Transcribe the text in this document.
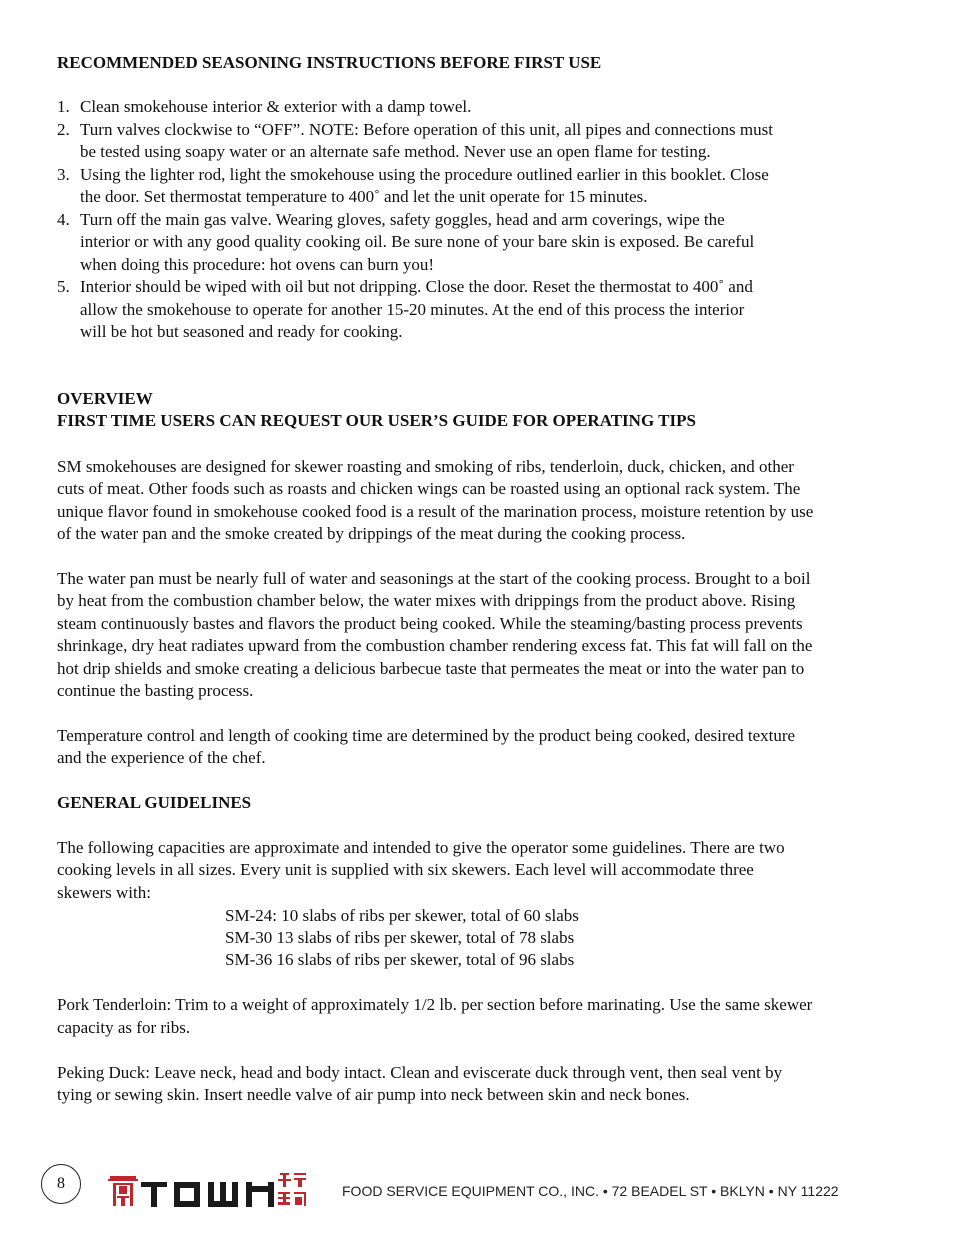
RECOMMENDED SEASONING INSTRUCTIONS BEFORE FIRST USE
1. Clean smokehouse interior & exterior with a damp towel.
2. Turn valves clockwise to “OFF”. NOTE: Before operation of this unit, all pipes and connections must
be tested using soapy water or an alternate safe method. Never use an open flame for testing.
3. Using the lighter rod, light the smokehouse using the procedure outlined earlier in this booklet. Close
the door. Set thermostat temperature to 400˚ and let the unit operate for 15 minutes.
4. Turn off the main gas valve. Wearing gloves, safety goggles, head and arm coverings, wipe the
interior or with any good quality cooking oil. Be sure none of your bare skin is exposed. Be careful
when doing this procedure: hot ovens can burn you!
5. Interior should be wiped with oil but not dripping. Close the door. Reset the thermostat to 400˚ and
allow the smokehouse to operate for another 15-20 minutes. At the end of this process the interior
will be hot but seasoned and ready for cooking.
OVERVIEW
FIRST TIME USERS CAN REQUEST OUR USER’S GUIDE FOR OPERATING TIPS
SM smokehouses are designed for skewer roasting and smoking of ribs, tenderloin, duck, chicken, and other
cuts of meat. Other foods such as roasts and chicken wings can be roasted using an optional rack system. The
unique flavor found in smokehouse cooked food is a result of the marination process, moisture retention by use
of the water pan and the smoke created by drippings of the meat during the cooking process.
The water pan must be nearly full of water and seasonings at the start of the cooking process. Brought to a boil
by heat from the combustion chamber below, the water mixes with drippings from the product above. Rising
steam continuously bastes and flavors the product being cooked. While the steaming/basting process prevents
shrinkage, dry heat radiates upward from the combustion chamber rendering excess fat. This fat will fall on the
hot drip shields and smoke creating a delicious barbecue taste that permeates the meat or into the water pan to
continue the basting process.
Temperature control and length of cooking time are determined by the product being cooked, desired texture
and the experience of the chef.
GENERAL GUIDELINES
The following capacities are approximate and intended to give the operator some guidelines. There are two
cooking levels in all sizes. Every unit is supplied with six skewers. Each level will accommodate three
skewers with:
SM-24: 10 slabs of ribs per skewer, total of 60 slabs
SM-30 13 slabs of ribs per skewer, total of 78 slabs
SM-36 16 slabs of ribs per skewer, total of 96 slabs
Pork Tenderloin: Trim to a weight of approximately 1/2 lb. per section before marinating. Use the same skewer
capacity as for ribs.
Peking Duck: Leave neck, head and body intact. Clean and eviscerate duck through vent, then seal vent by
tying or sewing skin. Insert needle valve of air pump into neck between skin and neck bones.
8	FOOD SERVICE EQUIPMENT CO., INC. • 72 BEADEL ST • BKLYN • NY 11222
